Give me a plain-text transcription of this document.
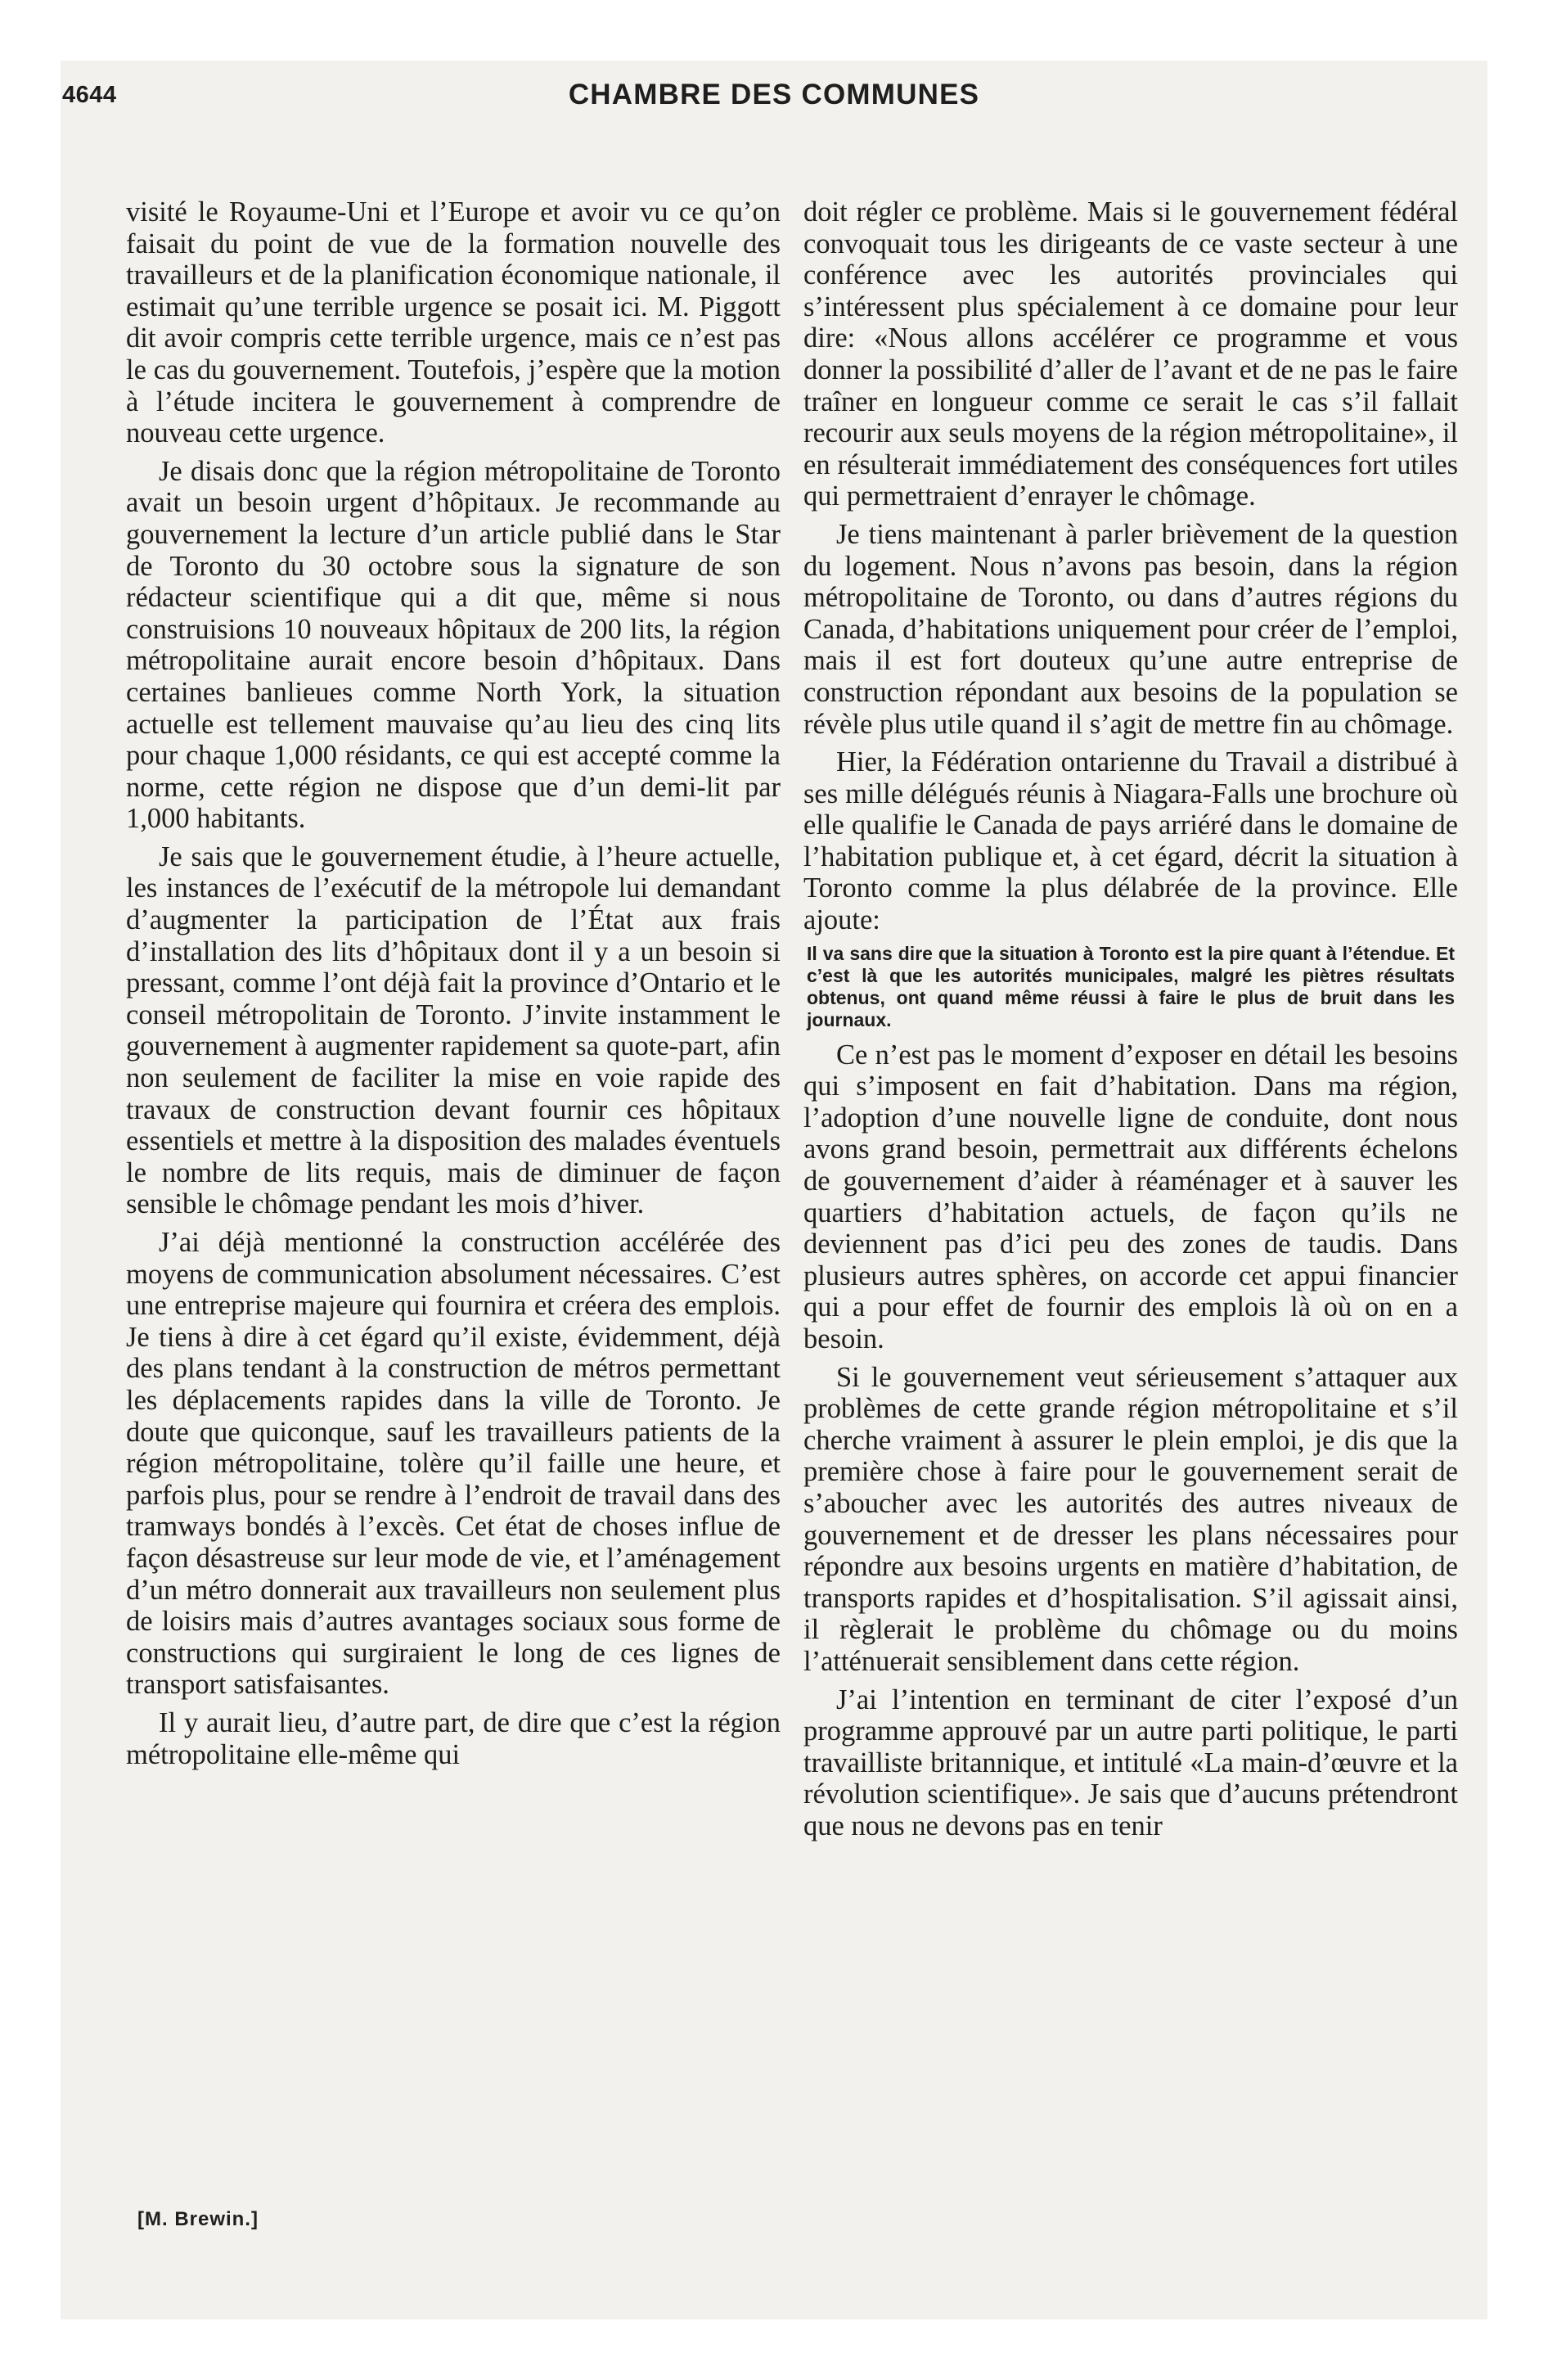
4644	CHAMBRE DES COMMUNES

visité le Royaume-Uni et l’Europe et avoir vu ce qu’on faisait du point de vue de la formation nouvelle des travailleurs et de la planification économique nationale, il estimait qu’une terrible urgence se posait ici. M. Piggott dit avoir compris cette terrible urgence, mais ce n’est pas le cas du gouvernement. Toutefois, j’espère que la motion à l’étude incitera le gouvernement à comprendre de nouveau cette urgence.

Je disais donc que la région métropolitaine de Toronto avait un besoin urgent d’hôpitaux. Je recommande au gouvernement la lecture d’un article publié dans le Star de Toronto du 30 octobre sous la signature de son rédacteur scientifique qui a dit que, même si nous construisions 10 nouveaux hôpitaux de 200 lits, la région métropolitaine aurait encore besoin d’hôpitaux. Dans certaines banlieues comme North York, la situation actuelle est tellement mauvaise qu’au lieu des cinq lits pour chaque 1,000 résidants, ce qui est accepté comme la norme, cette région ne dispose que d’un demi-lit par 1,000 habitants.

Je sais que le gouvernement étudie, à l’heure actuelle, les instances de l’exécutif de la métropole lui demandant d’augmenter la participation de l’État aux frais d’installation des lits d’hôpitaux dont il y a un besoin si pressant, comme l’ont déjà fait la province d’Ontario et le conseil métropolitain de Toronto. J’invite instamment le gouvernement à augmenter rapidement sa quote-part, afin non seulement de faciliter la mise en voie rapide des travaux de construction devant fournir ces hôpitaux essentiels et mettre à la disposition des malades éventuels le nombre de lits requis, mais de diminuer de façon sensible le chômage pendant les mois d’hiver.

J’ai déjà mentionné la construction accélérée des moyens de communication absolument nécessaires. C’est une entreprise majeure qui fournira et créera des emplois. Je tiens à dire à cet égard qu’il existe, évidemment, déjà des plans tendant à la construction de métros permettant les déplacements rapides dans la ville de Toronto. Je doute que quiconque, sauf les travailleurs patients de la région métropolitaine, tolère qu’il faille une heure, et parfois plus, pour se rendre à l’endroit de travail dans des tramways bondés à l’excès. Cet état de choses influe de façon désastreuse sur leur mode de vie, et l’aménagement d’un métro donnerait aux travailleurs non seulement plus de loisirs mais d’autres avantages sociaux sous forme de constructions qui surgiraient le long de ces lignes de transport satisfaisantes.

Il y aurait lieu, d’autre part, de dire que c’est la région métropolitaine elle-même qui

doit régler ce problème. Mais si le gouvernement fédéral convoquait tous les dirigeants de ce vaste secteur à une conférence avec les autorités provinciales qui s’intéressent plus spécialement à ce domaine pour leur dire: «Nous allons accélérer ce programme et vous donner la possibilité d’aller de l’avant et de ne pas le faire traîner en longueur comme ce serait le cas s’il fallait recourir aux seuls moyens de la région métropolitaine», il en résulterait immédiatement des conséquences fort utiles qui permettraient d’enrayer le chômage.

Je tiens maintenant à parler brièvement de la question du logement. Nous n’avons pas besoin, dans la région métropolitaine de Toronto, ou dans d’autres régions du Canada, d’habitations uniquement pour créer de l’emploi, mais il est fort douteux qu’une autre entreprise de construction répondant aux besoins de la population se révèle plus utile quand il s’agit de mettre fin au chômage.

Hier, la Fédération ontarienne du Travail a distribué à ses mille délégués réunis à Niagara-Falls une brochure où elle qualifie le Canada de pays arriéré dans le domaine de l’habitation publique et, à cet égard, décrit la situation à Toronto comme la plus délabrée de la province. Elle ajoute:

Il va sans dire que la situation à Toronto est la pire quant à l’étendue. Et c’est là que les autorités municipales, malgré les piètres résultats obtenus, ont quand même réussi à faire le plus de bruit dans les journaux.

Ce n’est pas le moment d’exposer en détail les besoins qui s’imposent en fait d’habitation. Dans ma région, l’adoption d’une nouvelle ligne de conduite, dont nous avons grand besoin, permettrait aux différents échelons de gouvernement d’aider à réaménager et à sauver les quartiers d’habitation actuels, de façon qu’ils ne deviennent pas d’ici peu des zones de taudis. Dans plusieurs autres sphères, on accorde cet appui financier qui a pour effet de fournir des emplois là où on en a besoin.

Si le gouvernement veut sérieusement s’attaquer aux problèmes de cette grande région métropolitaine et s’il cherche vraiment à assurer le plein emploi, je dis que la première chose à faire pour le gouvernement serait de s’aboucher avec les autorités des autres niveaux de gouvernement et de dresser les plans nécessaires pour répondre aux besoins urgents en matière d’habitation, de transports rapides et d’hospitalisation. S’il agissait ainsi, il règlerait le problème du chômage ou du moins l’atténuerait sensiblement dans cette région.

J’ai l’intention en terminant de citer l’exposé d’un programme approuvé par un autre parti politique, le parti travailliste britannique, et intitulé «La main-d’œuvre et la révolution scientifique». Je sais que d’aucuns prétendront que nous ne devons pas en tenir

[M. Brewin.]
